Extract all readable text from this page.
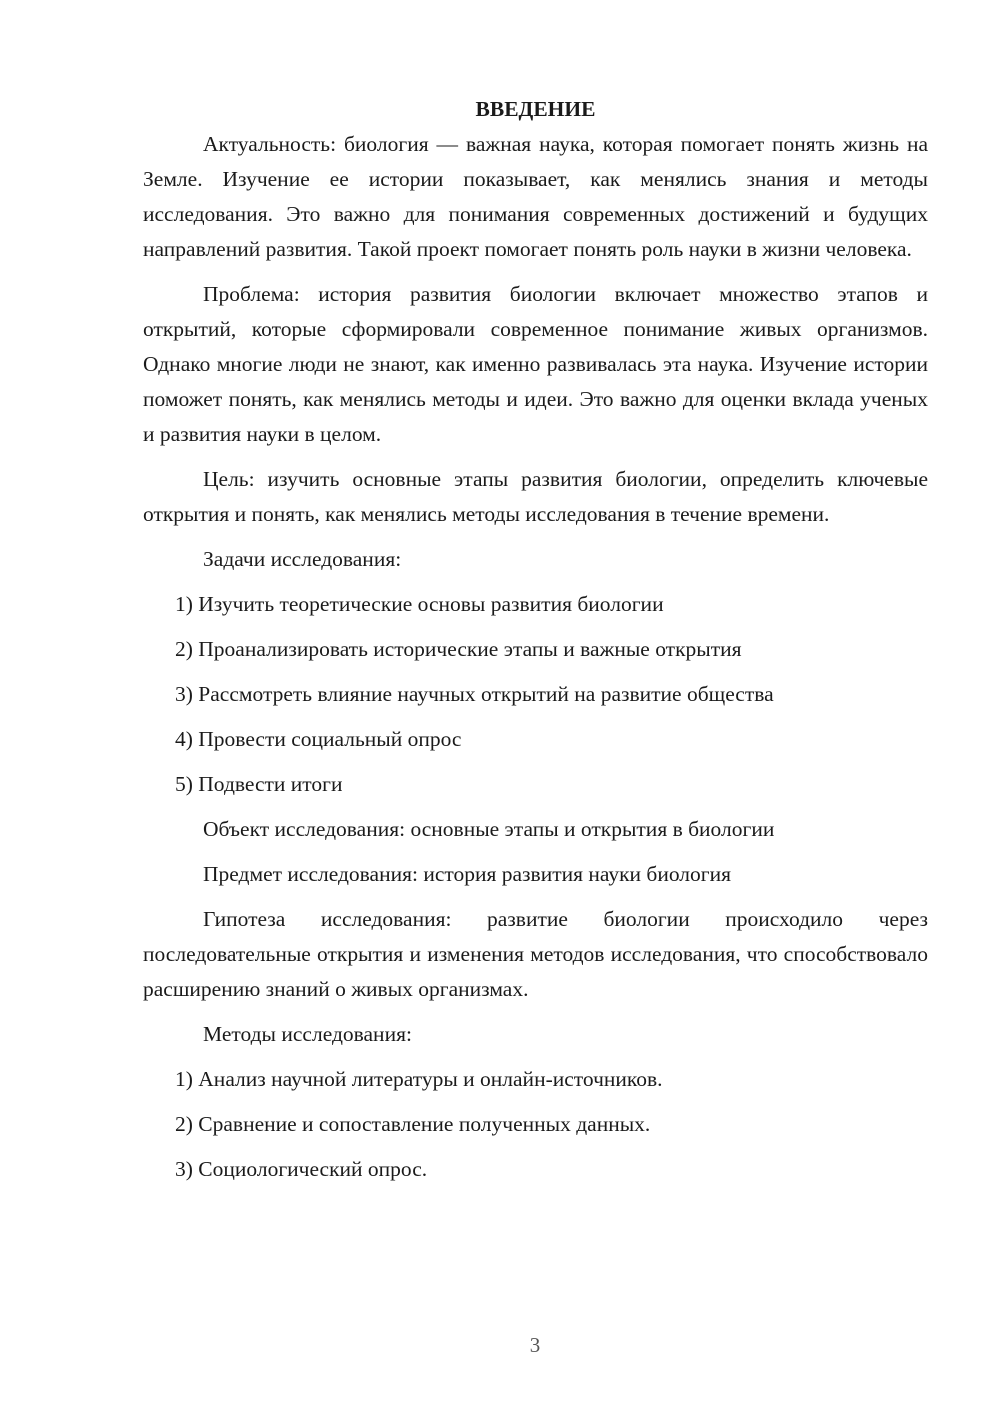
ВВЕДЕНИЕ

Актуальность: биология — важная наука, которая помогает понять жизнь на Земле. Изучение ее истории показывает, как менялись знания и методы исследования. Это важно для понимания современных достижений и будущих направлений развития. Такой проект помогает понять роль науки в жизни человека.

Проблема: история развития биологии включает множество этапов и открытий, которые сформировали современное понимание живых организмов. Однако многие люди не знают, как именно развивалась эта наука. Изучение истории поможет понять, как менялись методы и идеи. Это важно для оценки вклада ученых и развития науки в целом.

Цель: изучить основные этапы развития биологии, определить ключевые открытия и понять, как менялись методы исследования в течение времени.

Задачи исследования:

1) Изучить теоретические основы развития биологии

2) Проанализировать исторические этапы и важные открытия

3) Рассмотреть влияние научных открытий на развитие общества

4) Провести социальный опрос

5) Подвести итоги

Объект исследования: основные этапы и открытия в биологии

Предмет исследования: история развития науки биология

Гипотеза исследования: развитие биологии происходило через последовательные открытия и изменения методов исследования, что способствовало расширению знаний о живых организмах.

Методы исследования:

1) Анализ научной литературы и онлайн-источников.

2) Сравнение и сопоставление полученных данных.

3) Социологический опрос.

3
